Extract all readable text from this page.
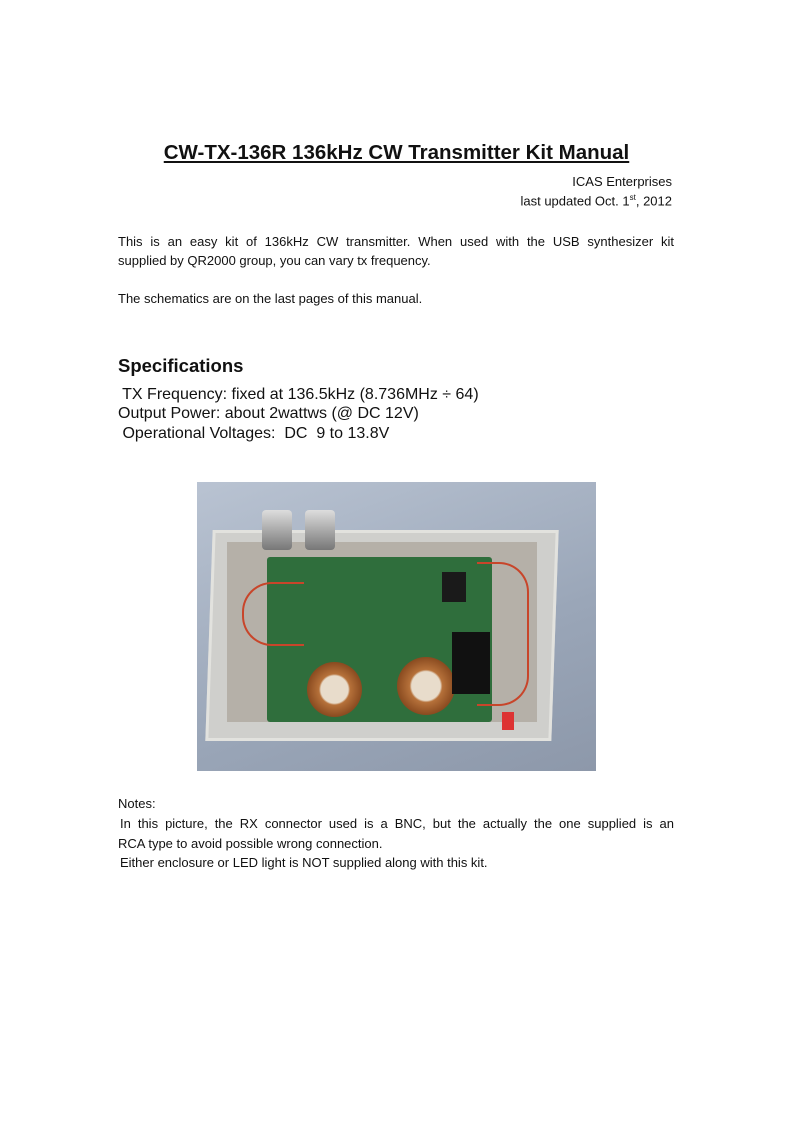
CW-TX-136R 136kHz CW Transmitter Kit Manual
ICAS Enterprises
last updated Oct. 1st, 2012
This is an easy kit of 136kHz CW transmitter. When used with the USB synthesizer kit
supplied by QR2000 group, you can vary tx frequency.
The schematics are on the last pages of this manual.
Specifications
TX Frequency: fixed at 136.5kHz (8.736MHz ÷ 64)
Output Power: about 2wattws (@ DC 12V)
Operational Voltages:  DC  9 to 13.8V
Notes:
In this picture, the RX connector used is a BNC, but the actually the one supplied is an
RCA type to avoid possible wrong connection.
Either enclosure or LED light is NOT supplied along with this kit.
